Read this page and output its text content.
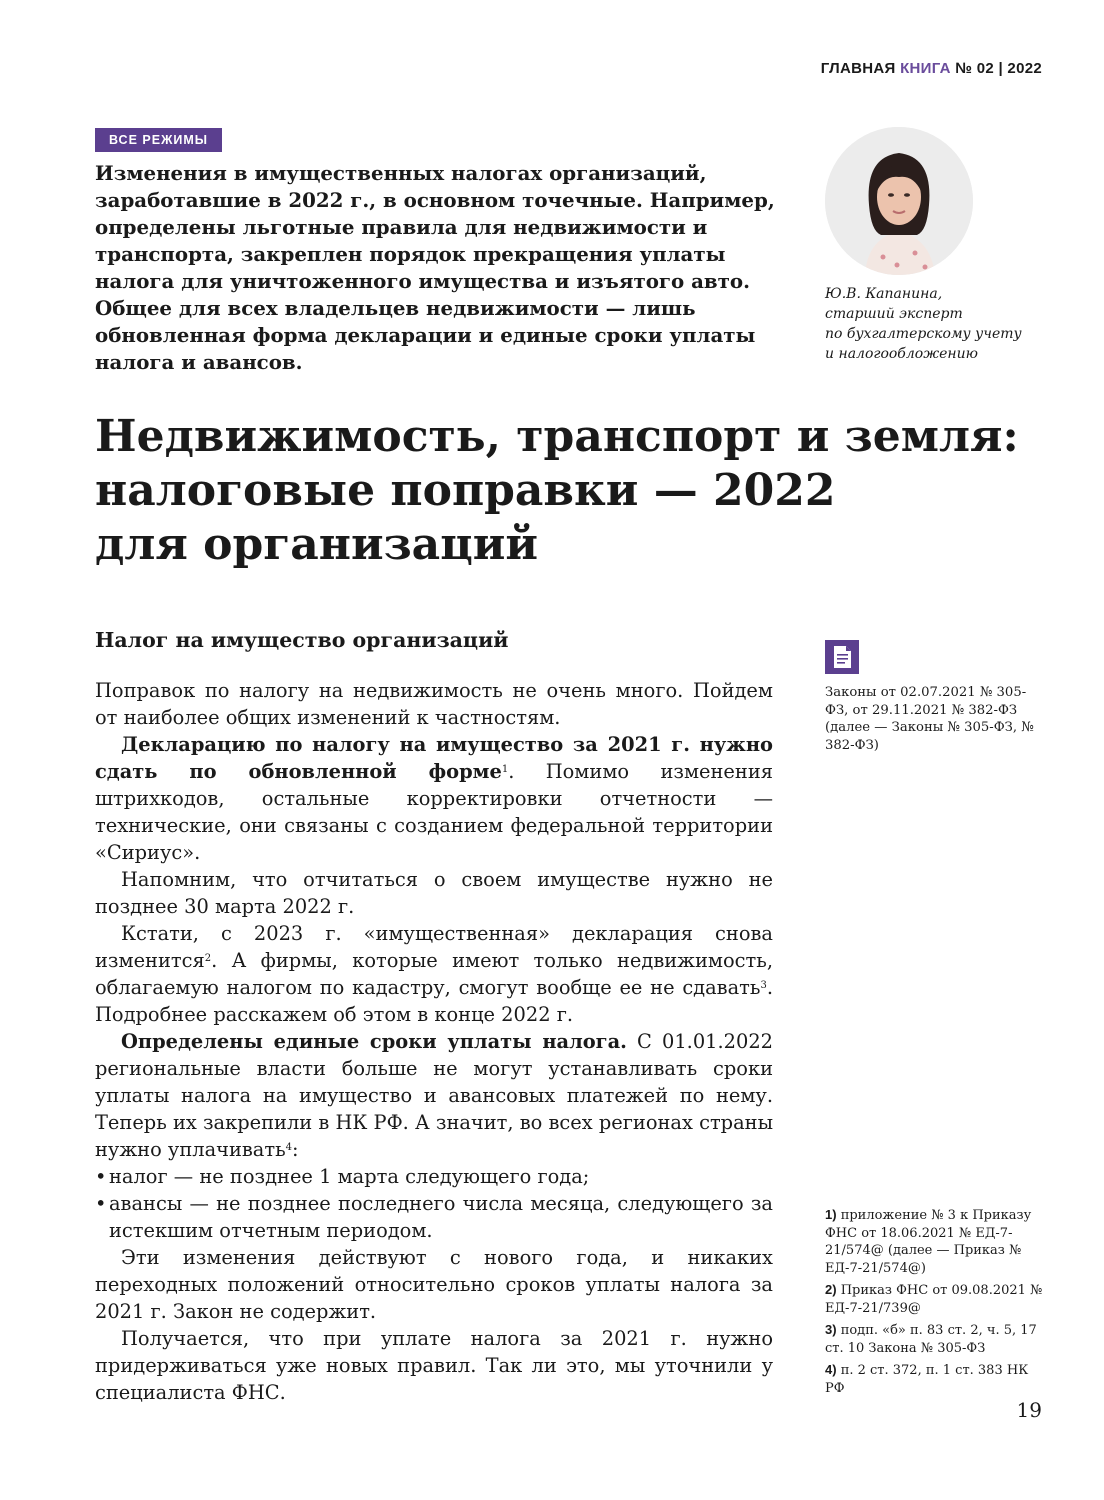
ГЛАВНАЯ КНИГА № 02 | 2022
ВСЕ РЕЖИМЫ

Изменения в имущественных налогах организаций, заработавшие в 2022 г., в основном точечные. Например, определены льготные правила для недвижимости и транспорта, закреплен порядок прекращения уплаты налога для уничтоженного имущества и изъятого авто. Общее для всех владельцев недвижимости — лишь обновленная форма декларации и единые сроки уплаты налога и авансов.

Ю.В. Капанина,
старший эксперт
по бухгалтерскому учету
и налогообложению
Недвижимость, транспорт и земля:
налоговые поправки — 2022
для организаций
Налог на имущество организаций

Законы от 02.07.2021 № 305-ФЗ, от 29.11.2021 № 382-ФЗ (далее — Законы № 305-ФЗ, № 382-ФЗ)

Поправок по налогу на недвижимость не очень много. Пойдем от наиболее общих изменений к частностям.

Декларацию по налогу на имущество за 2021 г. нужно сдать по обновленной форме$^1$. Помимо изменения штрихкодов, остальные корректировки отчетности — технические, они связаны с созданием федеральной территории «Сириус».

Напомним, что отчитаться о своем имуществе нужно не позднее 30 марта 2022 г.

Кстати, с 2023 г. «имущественная» декларация снова изменится$^2$. А фирмы, которые имеют только недвижимость, облагаемую налогом по кадастру, смогут вообще ее не сдавать$^3$. Подробнее расскажем об этом в конце 2022 г.

Определены единые сроки уплаты налога. С 01.01.2022 региональные власти больше не могут устанавливать сроки уплаты налога на имущество и авансовых платежей по нему. Теперь их закрепили в НК РФ. А значит, во всех регионах страны нужно уплачивать$^4$:

• налог — не позднее 1 марта следующего года;
• авансы — не позднее последнего числа месяца, следующего за истекшим отчетным периодом.

Эти изменения действуют с нового года, и никаких переходных положений относительно сроков уплаты налога за 2021 г. Закон не содержит.

Получается, что при уплате налога за 2021 г. нужно придерживаться уже новых правил. Так ли это, мы уточнили у специалиста ФНС.

1) приложение № 3 к Приказу ФНС от 18.06.2021 № ЕД-7-21/574@ (далее — Приказ № ЕД-7-21/574@)
2) Приказ ФНС от 09.08.2021 № ЕД-7-21/739@
3) подп. «б» п. 83 ст. 2, ч. 5, 17 ст. 10 Закона № 305-ФЗ
4) п. 2 ст. 372, п. 1 ст. 383 НК РФ
19
